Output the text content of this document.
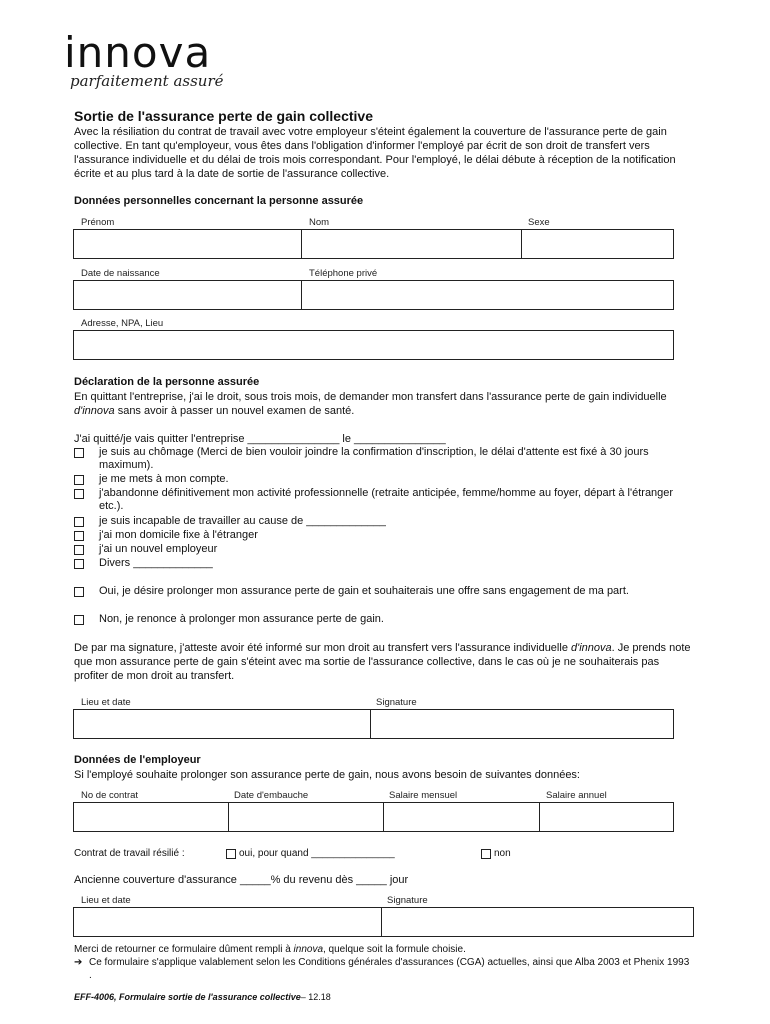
innova
parfaitement assuré
Sortie de l'assurance perte de gain collective
Avec la résiliation du contrat de travail avec votre employeur s'éteint également la couverture de l'assurance perte de gain collective. En tant qu'employeur, vous êtes dans l'obligation d'informer l'employé par écrit de son droit de transfert vers l'assurance individuelle et du délai de trois mois correspondant. Pour l'employé, le délai débute à réception de la notification écrite et au plus tard à la date de sortie de l'assurance collective.
Données personnelles concernant la personne assurée
Prénom	Nom	Sexe
Date de naissance	Téléphone privé
Adresse, NPA, Lieu
Déclaration de la personne assurée
En quittant l'entreprise, j'ai le droit, sous trois mois, de demander mon transfert dans l'assurance perte de gain individuelle d'innova sans avoir à passer un nouvel examen de santé.
J'ai quitté/je vais quitter l'entreprise _______________ le _______________
je suis au chômage (Merci de bien vouloir joindre la confirmation d'inscription, le délai d'attente est fixé à 30 jours maximum).
je me mets à mon compte.
j'abandonne définitivement mon activité professionnelle (retraite anticipée, femme/homme au foyer, départ à l'étranger etc.).
je suis incapable de travailler au cause de _____________
j'ai mon domicile fixe à l'étranger
j'ai un nouvel employeur
Divers _____________
Oui, je désire prolonger mon assurance perte de gain et souhaiterais une offre sans engagement de ma part.
Non, je renonce à prolonger mon assurance perte de gain.
De par ma signature, j'atteste avoir été informé sur mon droit au transfert vers l'assurance individuelle d'innova. Je prends note que mon assurance perte de gain s'éteint avec ma sortie de l'assurance collective, dans le cas où je ne souhaiterais pas profiter de mon droit au transfert.
Lieu et date	Signature
Données de l'employeur
Si l'employé souhaite prolonger son assurance perte de gain, nous avons besoin de suivantes données:
No de contrat	Date d'embauche	Salaire mensuel	Salaire annuel
Contrat de travail résilié :	oui, pour quand _______________	non
Ancienne couverture d'assurance _____% du revenu dès _____ jour
Lieu et date	Signature
Merci de retourner ce formulaire dûment rempli à innova, quelque soit la formule choisie.
➔ Ce formulaire s'applique valablement selon les Conditions générales d'assurances (CGA) actuelles, ainsi que Alba 2003 et Phenix 1993 .
EFF-4006, Formulaire sortie de l'assurance collective– 12.18
